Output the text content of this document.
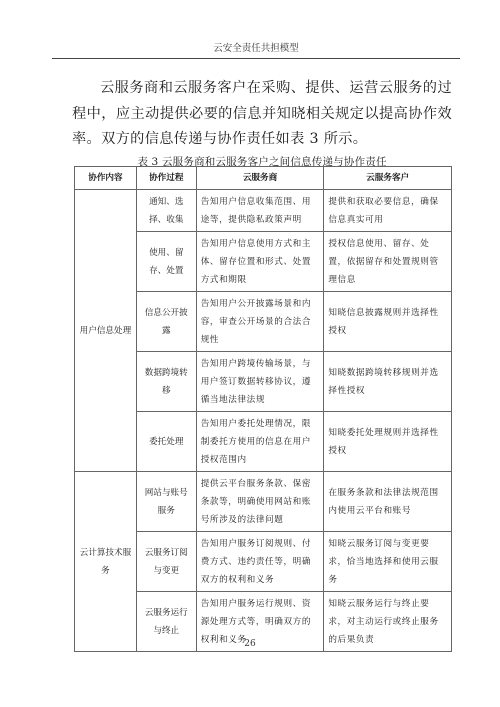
云安全责任共担模型

云服务商和云服务客户在采购、提供、运营云服务的过程中，应主动提供必要的信息并知晓相关规定以提高协作效率。双方的信息传递与协作责任如表 3 所示。

表 3 云服务商和云服务客户之间信息传递与协作责任
协作内容	协作过程	云服务商	云服务客户
用户信息处理	通知、选择、收集	告知用户信息收集范围、用途等，提供隐私政策声明	提供和获取必要信息，确保信息真实可用
	使用、留存、处置	告知用户信息使用方式和主体、留存位置和形式、处置方式和期限	授权信息使用、留存、处置，依据留存和处置规则管理信息
	信息公开披露	告知用户公开披露场景和内容，审查公开场景的合法合规性	知晓信息披露规则并选择性授权
	数据跨境转移	告知用户跨境传输场景，与用户签订数据转移协议，遵循当地法律法规	知晓数据跨境转移规则并选择性授权
	委托处理	告知用户委托处理情况，限制委托方使用的信息在用户授权范围内	知晓委托处理规则并选择性授权
云计算技术服务	网站与账号服务	提供云平台服务条款、保密条款等，明确使用网站和账号所涉及的法律问题	在服务条款和法律法规范围内使用云平台和账号
	云服务订阅与变更	告知用户服务订阅规则、付费方式、违约责任等，明确双方的权利和义务	知晓云服务订阅与变更要求，恰当地选择和使用云服务
	云服务运行与终止	告知用户服务运行规则、资源处理方式等，明确双方的权利和义务	知晓云服务运行与终止要求，对主动运行或终止服务的后果负责
26
